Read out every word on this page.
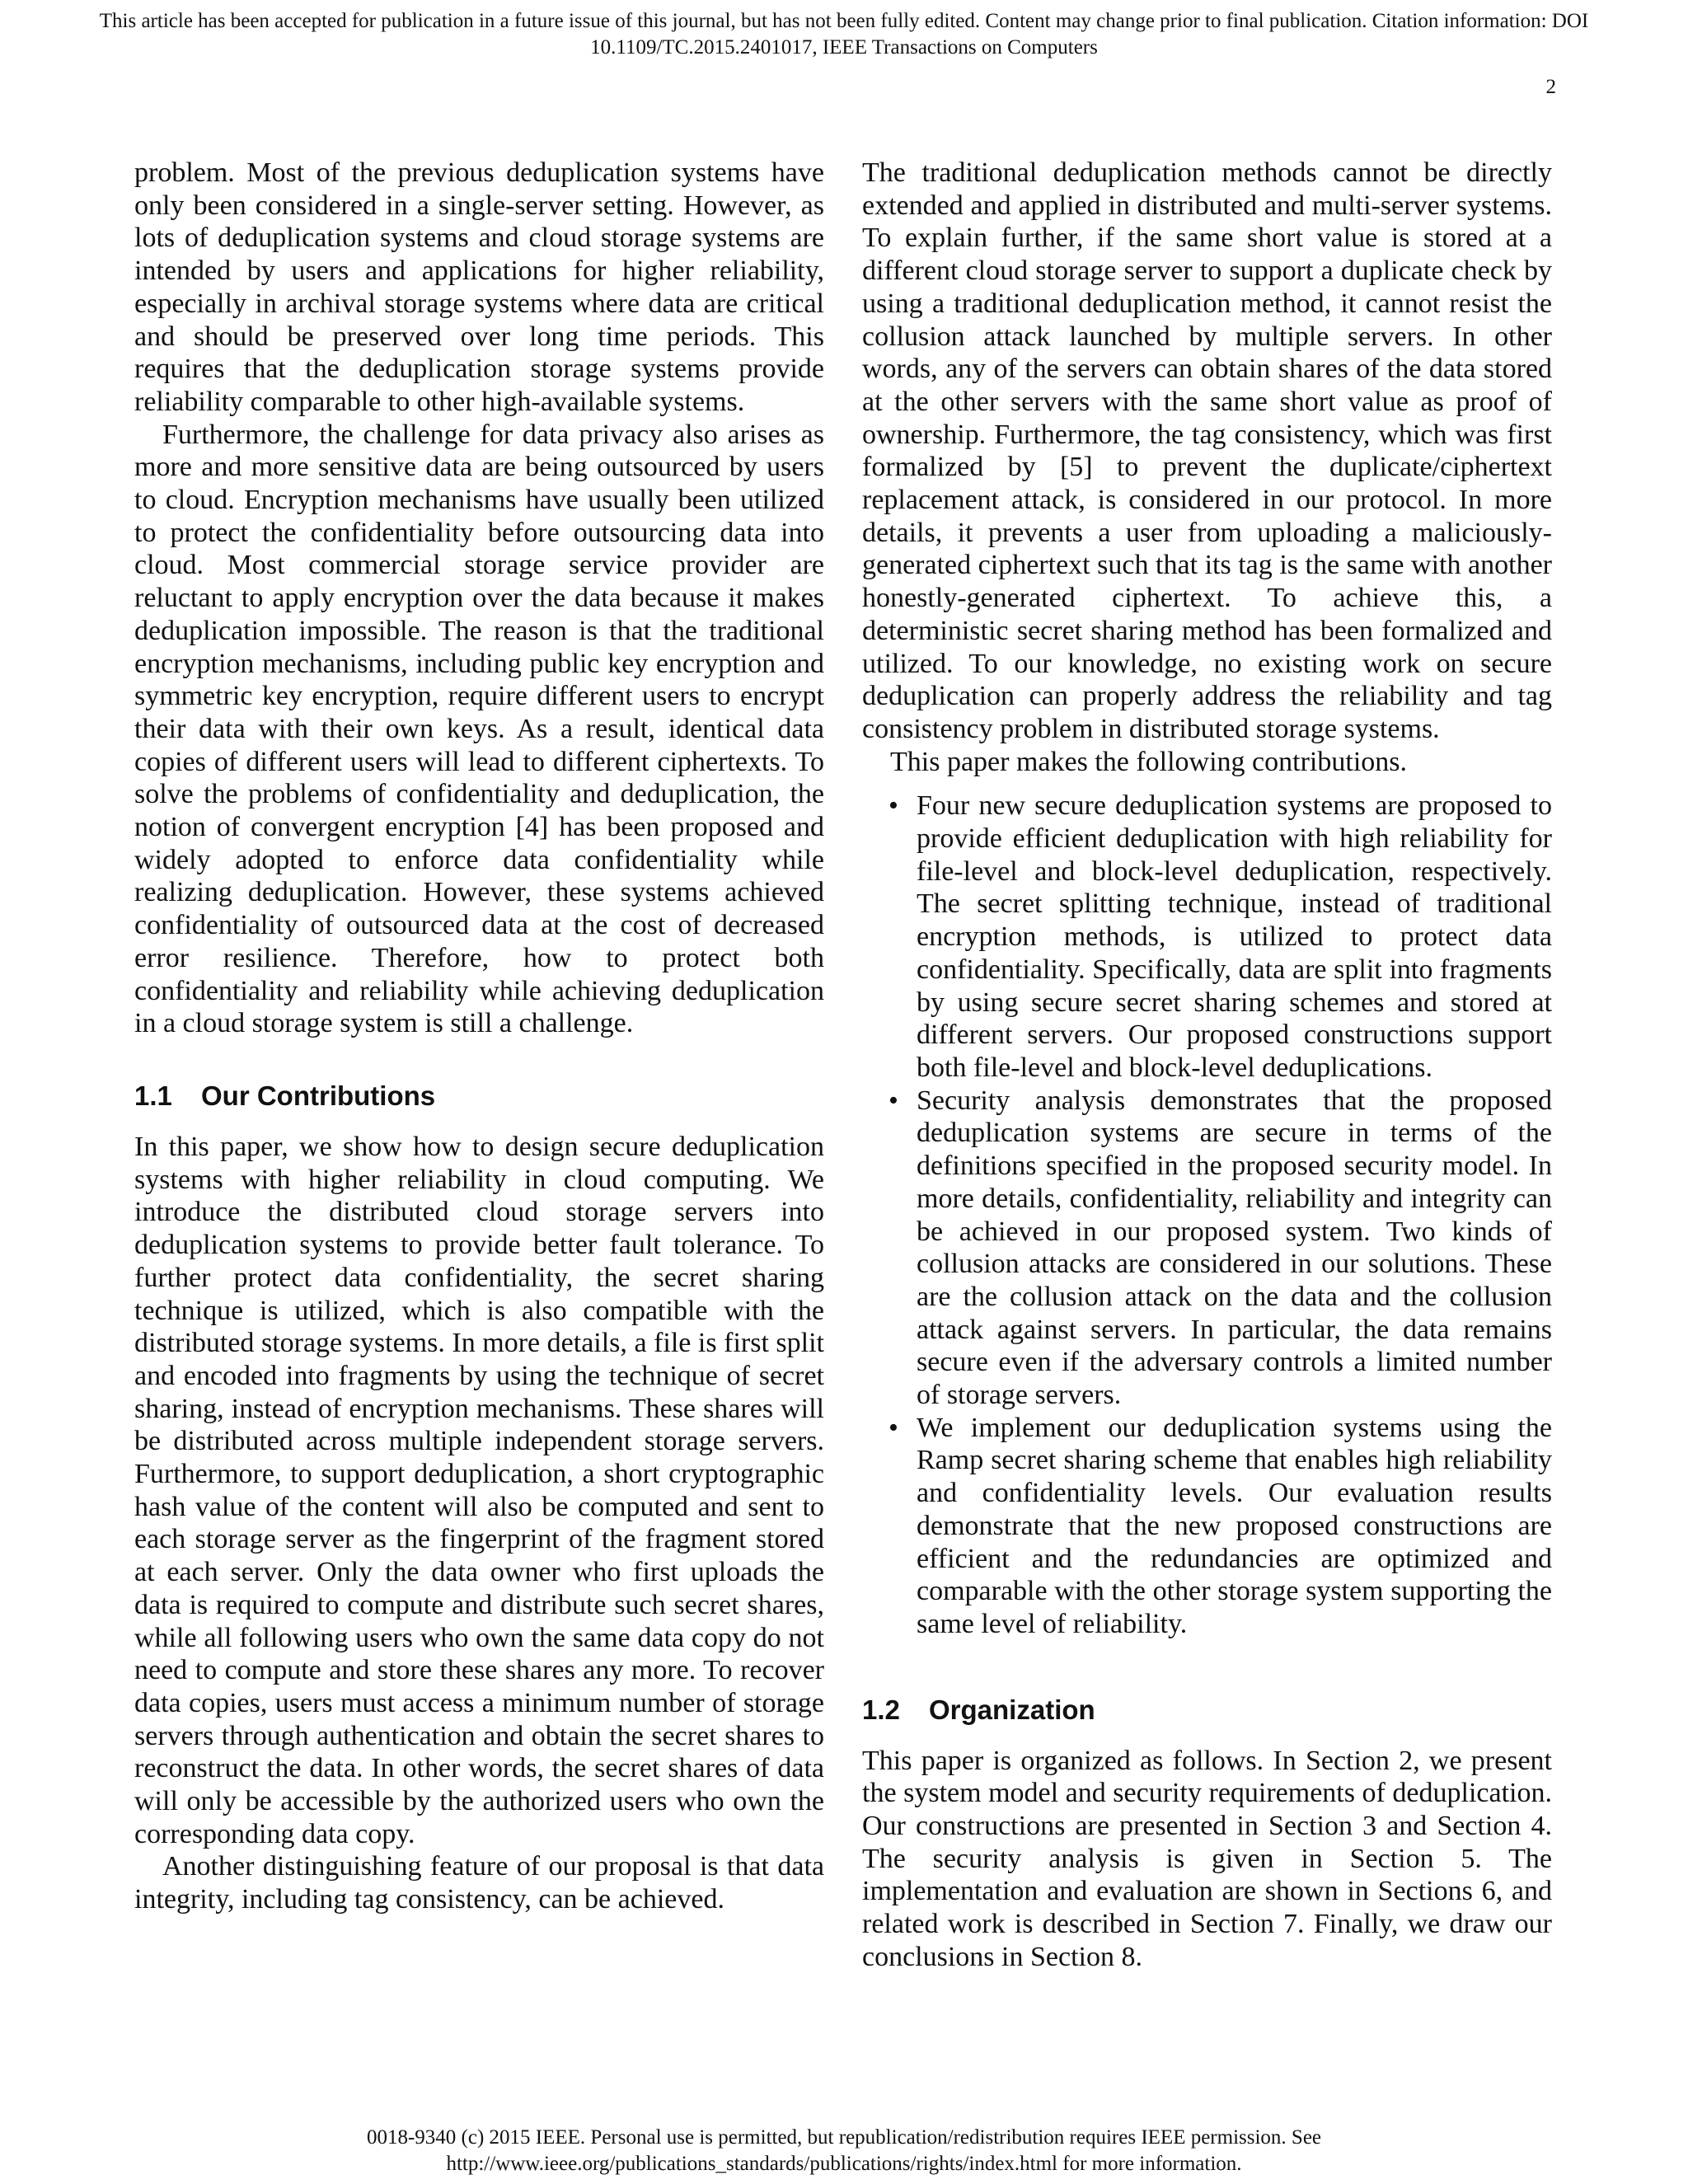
This article has been accepted for publication in a future issue of this journal, but has not been fully edited. Content may change prior to final publication. Citation information: DOI
10.1109/TC.2015.2401017, IEEE Transactions on Computers
2

problem. Most of the previous deduplication systems have only been considered in a single-server setting. However, as lots of deduplication systems and cloud storage systems are intended by users and applications for higher reliability, especially in archival storage systems where data are critical and should be preserved over long time periods. This requires that the deduplication storage systems provide reliability comparable to other high-available systems.

Furthermore, the challenge for data privacy also arises as more and more sensitive data are being outsourced by users to cloud. Encryption mechanisms have usually been utilized to protect the confidentiality before outsourcing data into cloud. Most commercial storage service provider are reluctant to apply encryption over the data because it makes deduplication impossible. The reason is that the traditional encryption mechanisms, including public key encryption and symmetric key encryption, require different users to encrypt their data with their own keys. As a result, identical data copies of different users will lead to different ciphertexts. To solve the problems of confidentiality and deduplication, the notion of convergent encryption [4] has been proposed and widely adopted to enforce data confidentiality while realizing deduplication. However, these systems achieved confidentiality of outsourced data at the cost of decreased error resilience. Therefore, how to protect both confidentiality and reliability while achieving deduplication in a cloud storage system is still a challenge.

1.1 Our Contributions

In this paper, we show how to design secure deduplication systems with higher reliability in cloud computing. We introduce the distributed cloud storage servers into deduplication systems to provide better fault tolerance. To further protect data confidentiality, the secret sharing technique is utilized, which is also compatible with the distributed storage systems. In more details, a file is first split and encoded into fragments by using the technique of secret sharing, instead of encryption mechanisms. These shares will be distributed across multiple independent storage servers. Furthermore, to support deduplication, a short cryptographic hash value of the content will also be computed and sent to each storage server as the fingerprint of the fragment stored at each server. Only the data owner who first uploads the data is required to compute and distribute such secret shares, while all following users who own the same data copy do not need to compute and store these shares any more. To recover data copies, users must access a minimum number of storage servers through authentication and obtain the secret shares to reconstruct the data. In other words, the secret shares of data will only be accessible by the authorized users who own the corresponding data copy.

Another distinguishing feature of our proposal is that data integrity, including tag consistency, can be achieved.

The traditional deduplication methods cannot be directly extended and applied in distributed and multi-server systems. To explain further, if the same short value is stored at a different cloud storage server to support a duplicate check by using a traditional deduplication method, it cannot resist the collusion attack launched by multiple servers. In other words, any of the servers can obtain shares of the data stored at the other servers with the same short value as proof of ownership. Furthermore, the tag consistency, which was first formalized by [5] to prevent the duplicate/ciphertext replacement attack, is considered in our protocol. In more details, it prevents a user from uploading a maliciously-generated ciphertext such that its tag is the same with another honestly-generated ciphertext. To achieve this, a deterministic secret sharing method has been formalized and utilized. To our knowledge, no existing work on secure deduplication can properly address the reliability and tag consistency problem in distributed storage systems.

This paper makes the following contributions.

• Four new secure deduplication systems are proposed to provide efficient deduplication with high reliability for file-level and block-level deduplication, respectively. The secret splitting technique, instead of traditional encryption methods, is utilized to protect data confidentiality. Specifically, data are split into fragments by using secure secret sharing schemes and stored at different servers. Our proposed constructions support both file-level and block-level deduplications.
• Security analysis demonstrates that the proposed deduplication systems are secure in terms of the definitions specified in the proposed security model. In more details, confidentiality, reliability and integrity can be achieved in our proposed system. Two kinds of collusion attacks are considered in our solutions. These are the collusion attack on the data and the collusion attack against servers. In particular, the data remains secure even if the adversary controls a limited number of storage servers.
• We implement our deduplication systems using the Ramp secret sharing scheme that enables high reliability and confidentiality levels. Our evaluation results demonstrate that the new proposed constructions are efficient and the redundancies are optimized and comparable with the other storage system supporting the same level of reliability.
1.2 Organization

This paper is organized as follows. In Section 2, we present the system model and security requirements of deduplication. Our constructions are presented in Section 3 and Section 4. The security analysis is given in Section 5. The implementation and evaluation are shown in Sections 6, and related work is described in Section 7. Finally, we draw our conclusions in Section 8.

0018-9340 (c) 2015 IEEE. Personal use is permitted, but republication/redistribution requires IEEE permission. See
http://www.ieee.org/publications_standards/publications/rights/index.html for more information.
